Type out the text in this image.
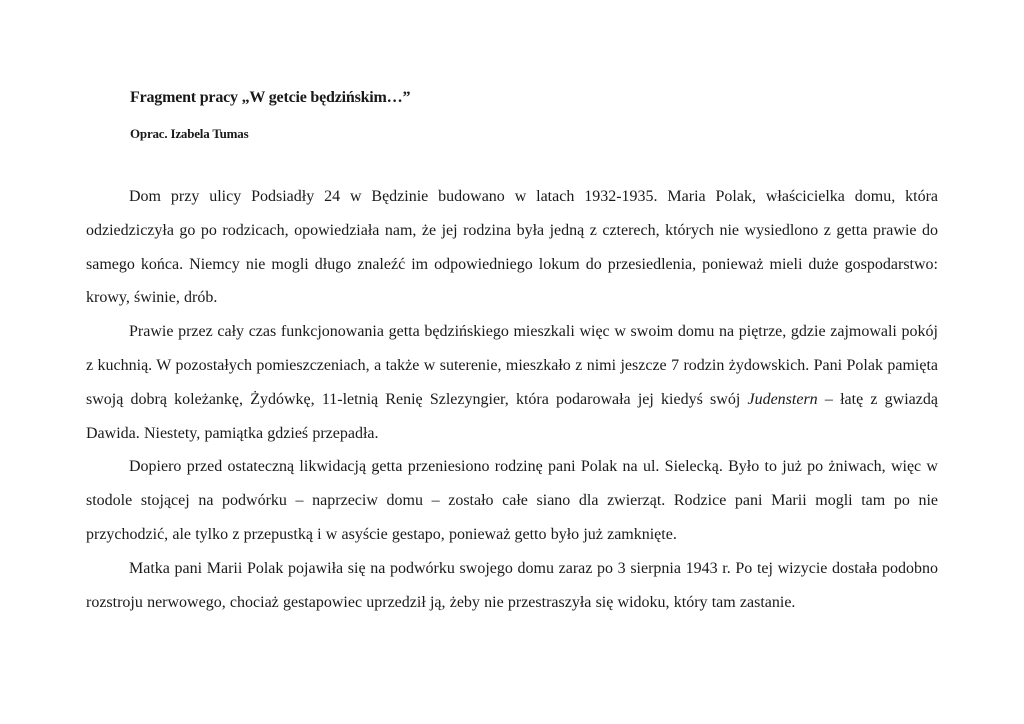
Fragment pracy „W getcie będzińskim…”

Oprac. Izabela Tumas

Dom przy ulicy Podsiadły 24 w Będzinie budowano w latach 1932-1935. Maria Polak, właścicielka domu, która odziedziczyła go po rodzicach, opowiedziała nam, że jej rodzina była jedną z czterech, których nie wysiedlono z getta prawie do samego końca. Niemcy nie mogli długo znaleźć im odpowiedniego lokum do przesiedlenia, ponieważ mieli duże gospodarstwo: krowy, świnie, drób.

Prawie przez cały czas funkcjonowania getta będzińskiego mieszkali więc w swoim domu na piętrze, gdzie zajmowali pokój z kuchnią. W pozostałych pomieszczeniach, a także w suterenie, mieszkało z nimi jeszcze 7 rodzin żydowskich. Pani Polak pamięta swoją dobrą koleżankę, Żydówkę, 11-letnią Renię Szlezyngier, która podarowała jej kiedyś swój Judenstern – łatę z gwiazdą Dawida. Niestety, pamiątka gdzieś przepadła.

Dopiero przed ostateczną likwidacją getta przeniesiono rodzinę pani Polak na ul. Sielecką. Było to już po żniwach, więc w stodole stojącej na podwórku – naprzeciw domu – zostało całe siano dla zwierząt. Rodzice pani Marii mogli tam po nie przychodzić, ale tylko z przepustką i w asyście gestapo, ponieważ getto było już zamknięte.

Matka pani Marii Polak pojawiła się na podwórku swojego domu zaraz po 3 sierpnia 1943 r. Po tej wizycie dostała podobno rozstroju nerwowego, chociaż gestapowiec uprzedził ją, żeby nie przestraszyła się widoku, który tam zastanie.
